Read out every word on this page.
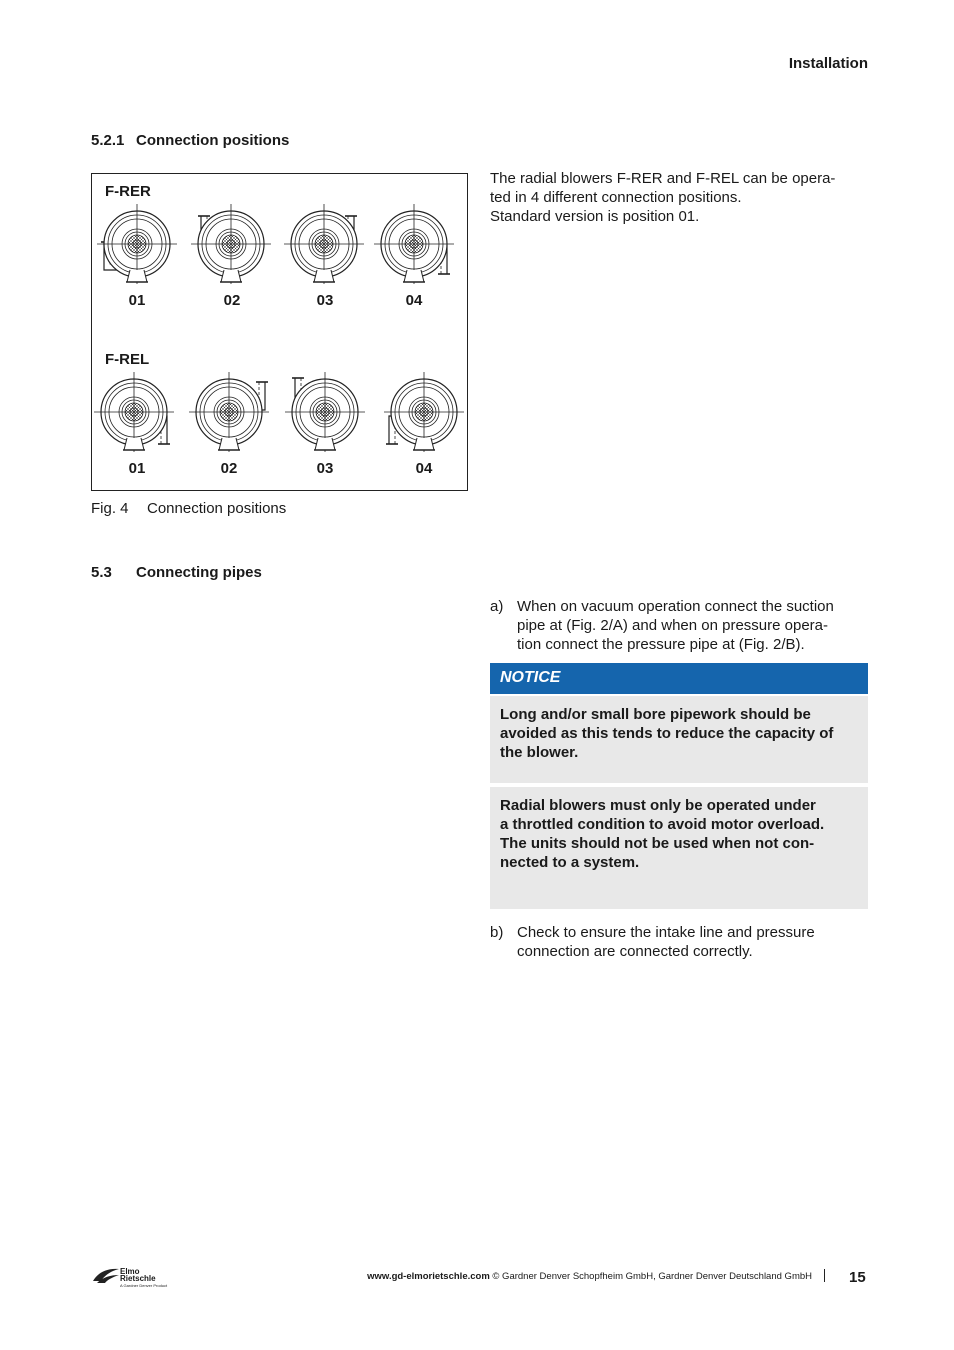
Installation
5.2.1 Connection positions
The radial blowers F-RER and F-REL can be opera-
ted in 4 different connection positions.
Standard version is position 01.
F-RER
F-REL
01	02	03	04
01	02	03	04
Fig. 4 Connection positions
5.3 Connecting pipes
a) When on vacuum operation connect the suction
pipe at (Fig. 2/A) and when on pressure opera-
tion connect the pressure pipe at (Fig. 2/B).
NOTICE
Long and/or small bore pipework should be
avoided as this tends to reduce the capacity of
the blower.
Radial blowers must only be operated under
a throttled condition to avoid motor overload.
The units should not be used when not con-
nected to a system.
b) Check to ensure the intake line and pressure
connection are connected correctly.
Elmo
Rietschle
A Gardner Denver Product
www.gd-elmorietschle.com © Gardner Denver Schopfheim GmbH, Gardner Denver Deutschland GmbH 15
